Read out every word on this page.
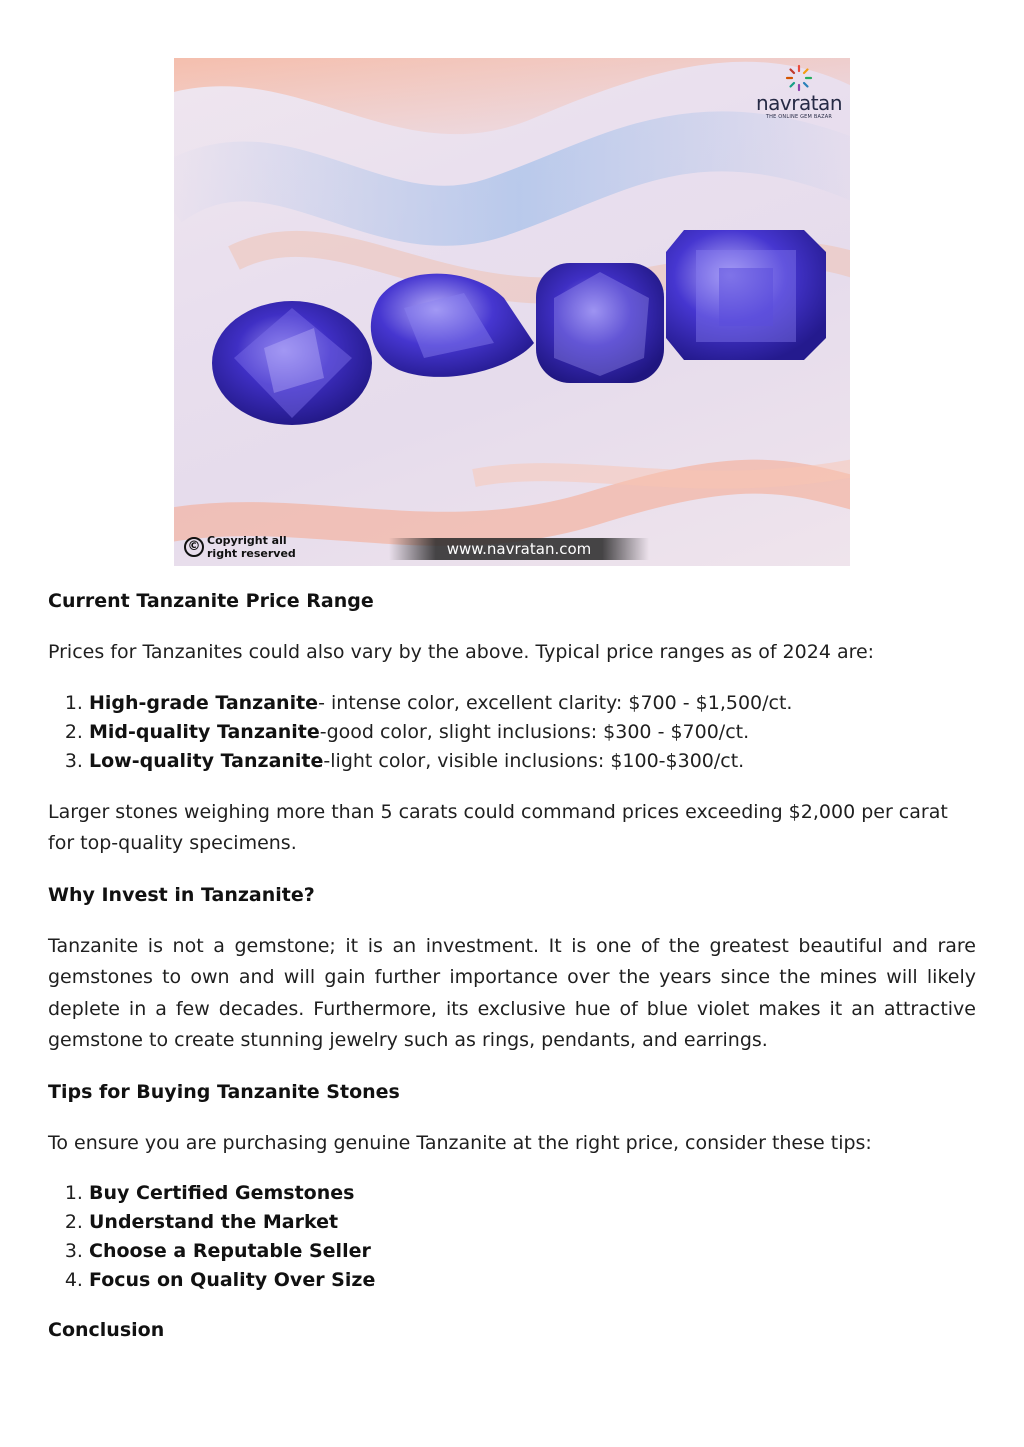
navratan
THE ONLINE GEM BAZAR
© Copyright all right reserved	www.navratan.com
Current Tanzanite Price Range

Prices for Tanzanites could also vary by the above. Typical price ranges as of 2024 are:

1. High-grade Tanzanite- intense color, excellent clarity: $700 - $1,500/ct.
2. Mid-quality Tanzanite-good color, slight inclusions: $300 - $700/ct.
3. Low-quality Tanzanite-light color, visible inclusions: $100-$300/ct.

Larger stones weighing more than 5 carats could command prices exceeding $2,000 per carat for top-quality specimens.

Why Invest in Tanzanite?

Tanzanite is not a gemstone; it is an investment. It is one of the greatest beautiful and rare gemstones to own and will gain further importance over the years since the mines will likely deplete in a few decades. Furthermore, its exclusive hue of blue violet makes it an attractive gemstone to create stunning jewelry such as rings, pendants, and earrings.

Tips for Buying Tanzanite Stones

To ensure you are purchasing genuine Tanzanite at the right price, consider these tips:

1. Buy Certified Gemstones
2. Understand the Market
3. Choose a Reputable Seller
4. Focus on Quality Over Size
Conclusion
